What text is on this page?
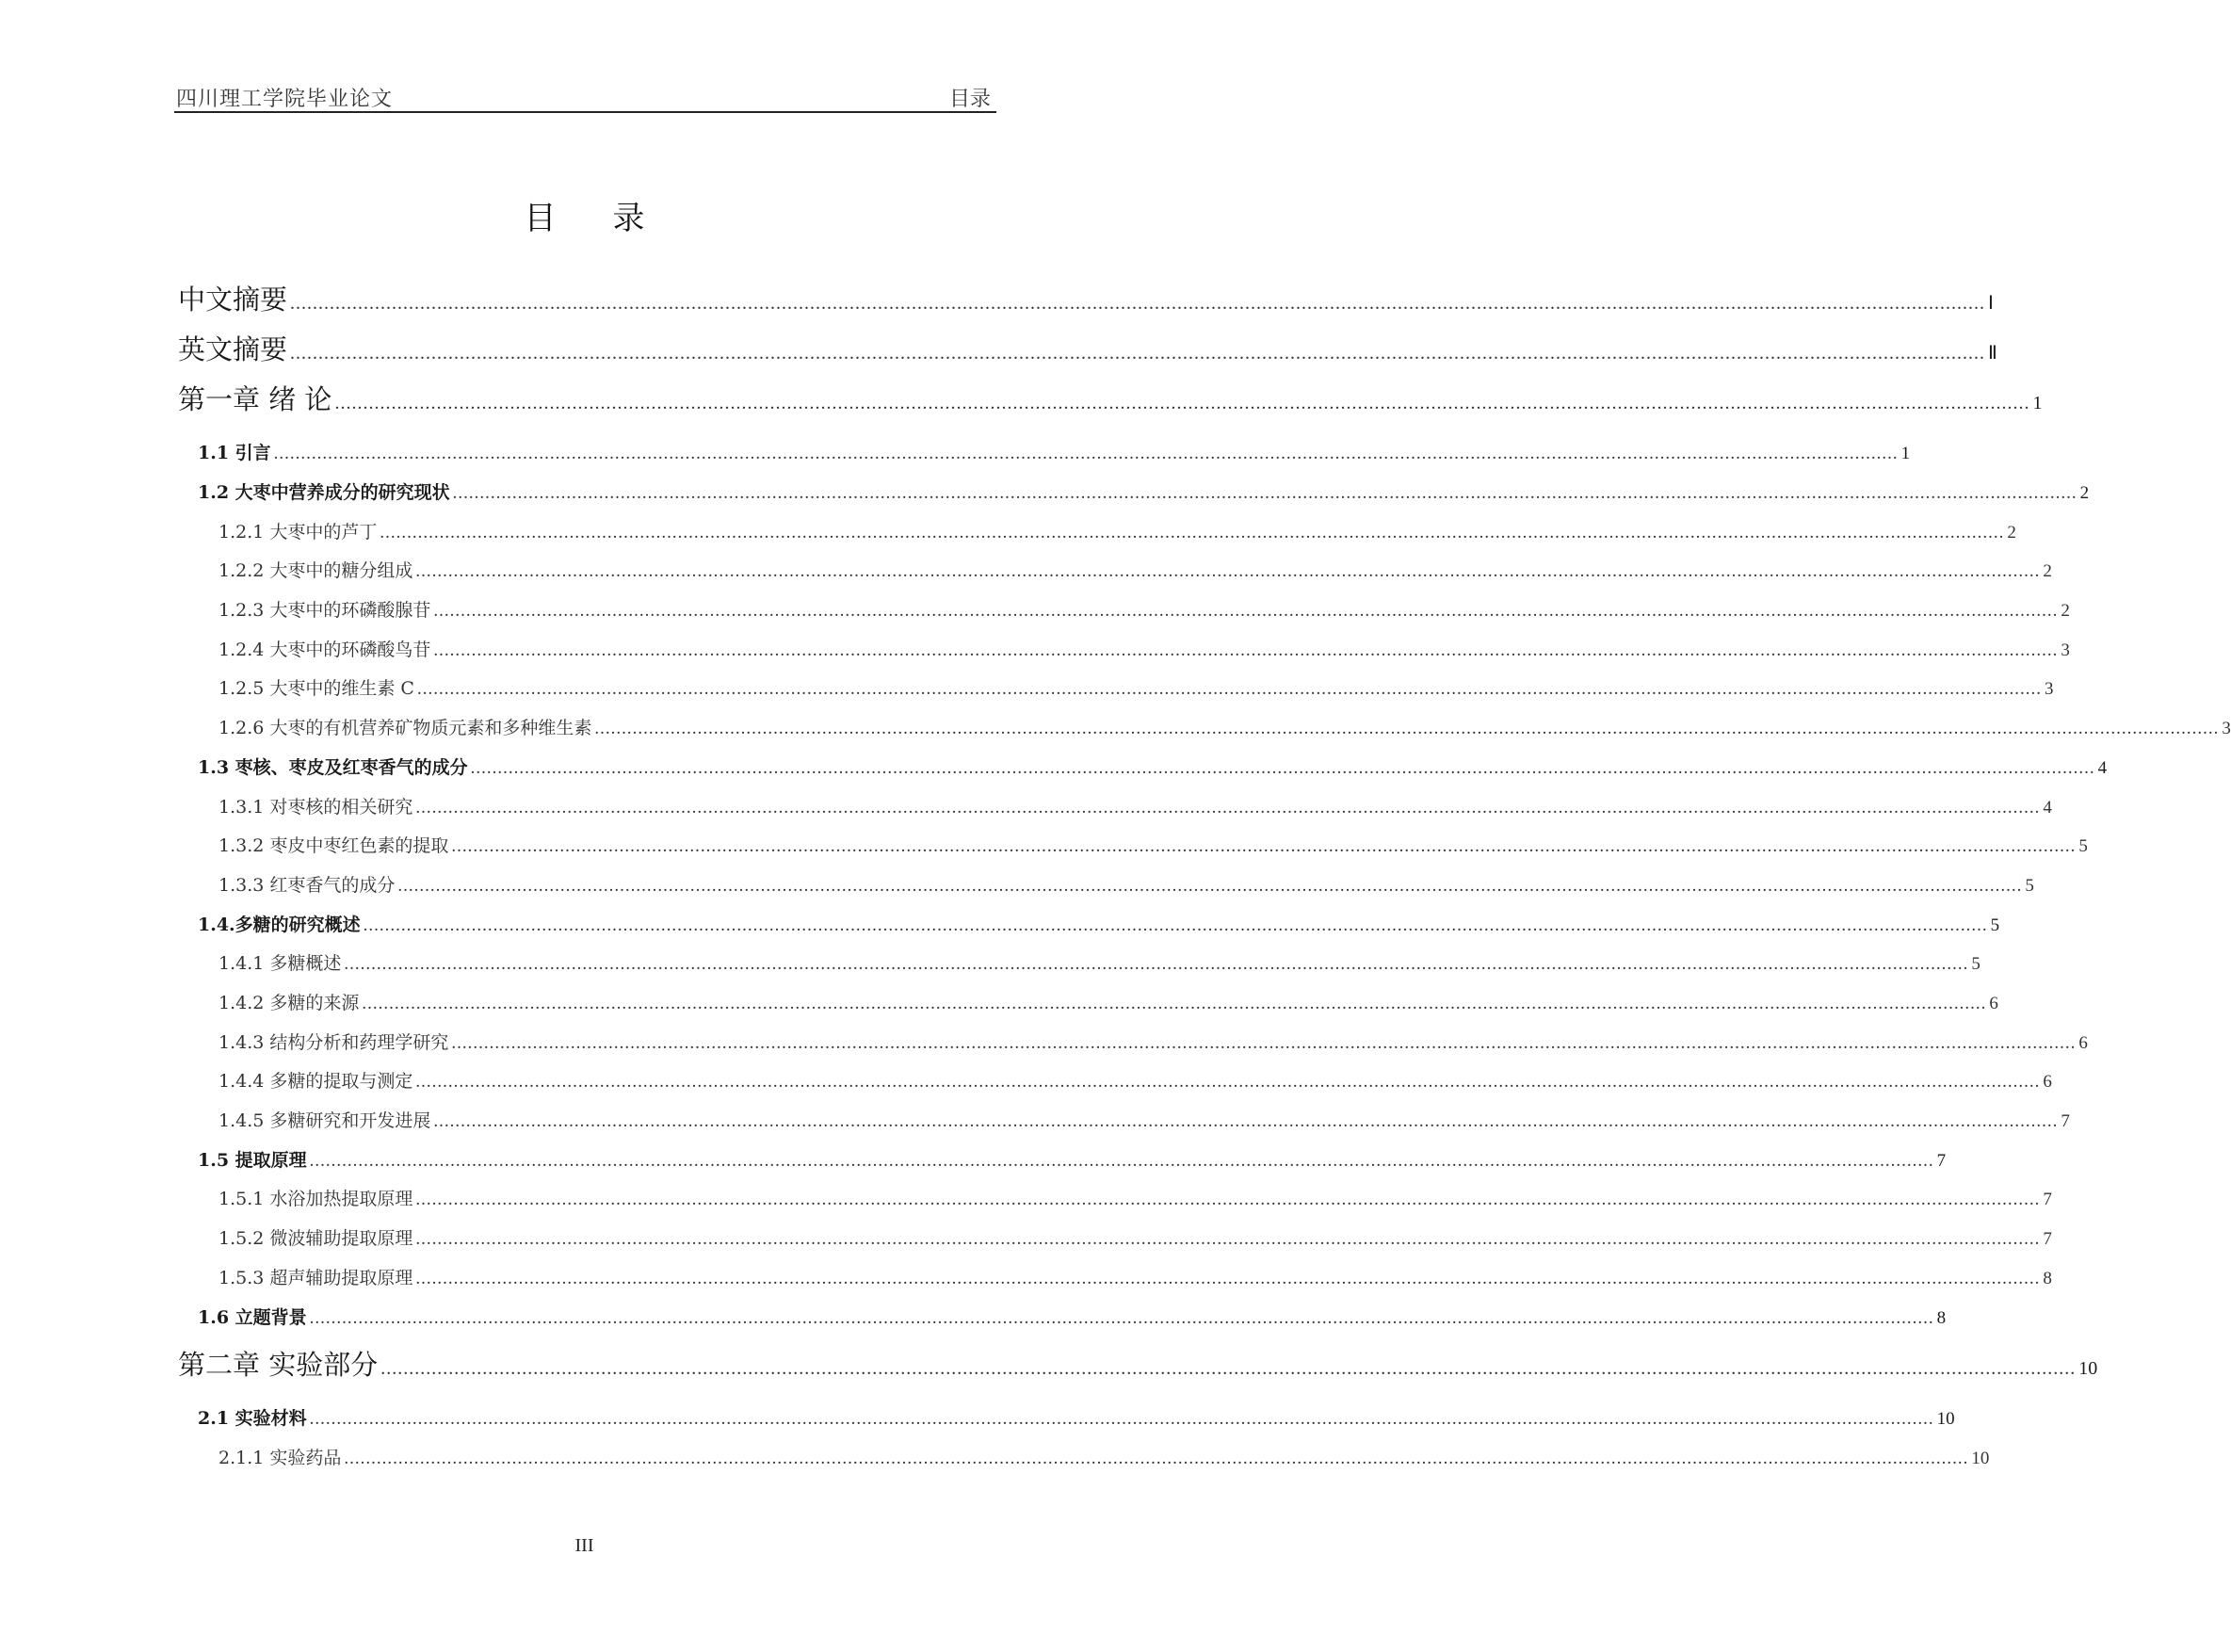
四川理工学院毕业论文	目录
目录
中文摘要 ............................................................................................................................................................................................................................................................................................................ Ⅰ
英文摘要 ............................................................................................................................................................................................................................................................................................................ Ⅱ
第一章 绪 论 ............................................................................................................................................................................................................................................................................................................ 1
1.1 引言 ............................................................................................................................................................................................................................................................................................................ 1
1.2 大枣中营养成分的研究现状 ............................................................................................................................................................................................................................................................................................................ 2
1.2.1 大枣中的芦丁 ............................................................................................................................................................................................................................................................................................................ 2
1.2.2 大枣中的糖分组成 ............................................................................................................................................................................................................................................................................................................ 2
1.2.3 大枣中的环磷酸腺苷 ............................................................................................................................................................................................................................................................................................................ 2
1.2.4 大枣中的环磷酸鸟苷 ............................................................................................................................................................................................................................................................................................................ 3
1.2.5 大枣中的维生素 C ............................................................................................................................................................................................................................................................................................................ 3
1.2.6 大枣的有机营养矿物质元素和多种维生素 ............................................................................................................................................................................................................................................................................................................ 3
1.3 枣核、枣皮及红枣香气的成分 ............................................................................................................................................................................................................................................................................................................ 4
1.3.1 对枣核的相关研究 ............................................................................................................................................................................................................................................................................................................ 4
1.3.2 枣皮中枣红色素的提取 ............................................................................................................................................................................................................................................................................................................ 5
1.3.3 红枣香气的成分 ............................................................................................................................................................................................................................................................................................................ 5
1.4.多糖的研究概述 ............................................................................................................................................................................................................................................................................................................ 5
1.4.1 多糖概述 ............................................................................................................................................................................................................................................................................................................ 5
1.4.2 多糖的来源 ............................................................................................................................................................................................................................................................................................................ 6
1.4.3 结构分析和药理学研究 ............................................................................................................................................................................................................................................................................................................ 6
1.4.4 多糖的提取与测定 ............................................................................................................................................................................................................................................................................................................ 6
1.4.5 多糖研究和开发进展 ............................................................................................................................................................................................................................................................................................................ 7
1.5 提取原理 ............................................................................................................................................................................................................................................................................................................ 7
1.5.1 水浴加热提取原理 ............................................................................................................................................................................................................................................................................................................ 7
1.5.2 微波辅助提取原理 ............................................................................................................................................................................................................................................................................................................ 7
1.5.3 超声辅助提取原理 ............................................................................................................................................................................................................................................................................................................ 8
1.6 立题背景 ............................................................................................................................................................................................................................................................................................................ 8
第二章 实验部分 ............................................................................................................................................................................................................................................................................................................ 10
2.1 实验材料 ............................................................................................................................................................................................................................................................................................................ 10
2.1.1 实验药品 ............................................................................................................................................................................................................................................................................................................ 10
III
